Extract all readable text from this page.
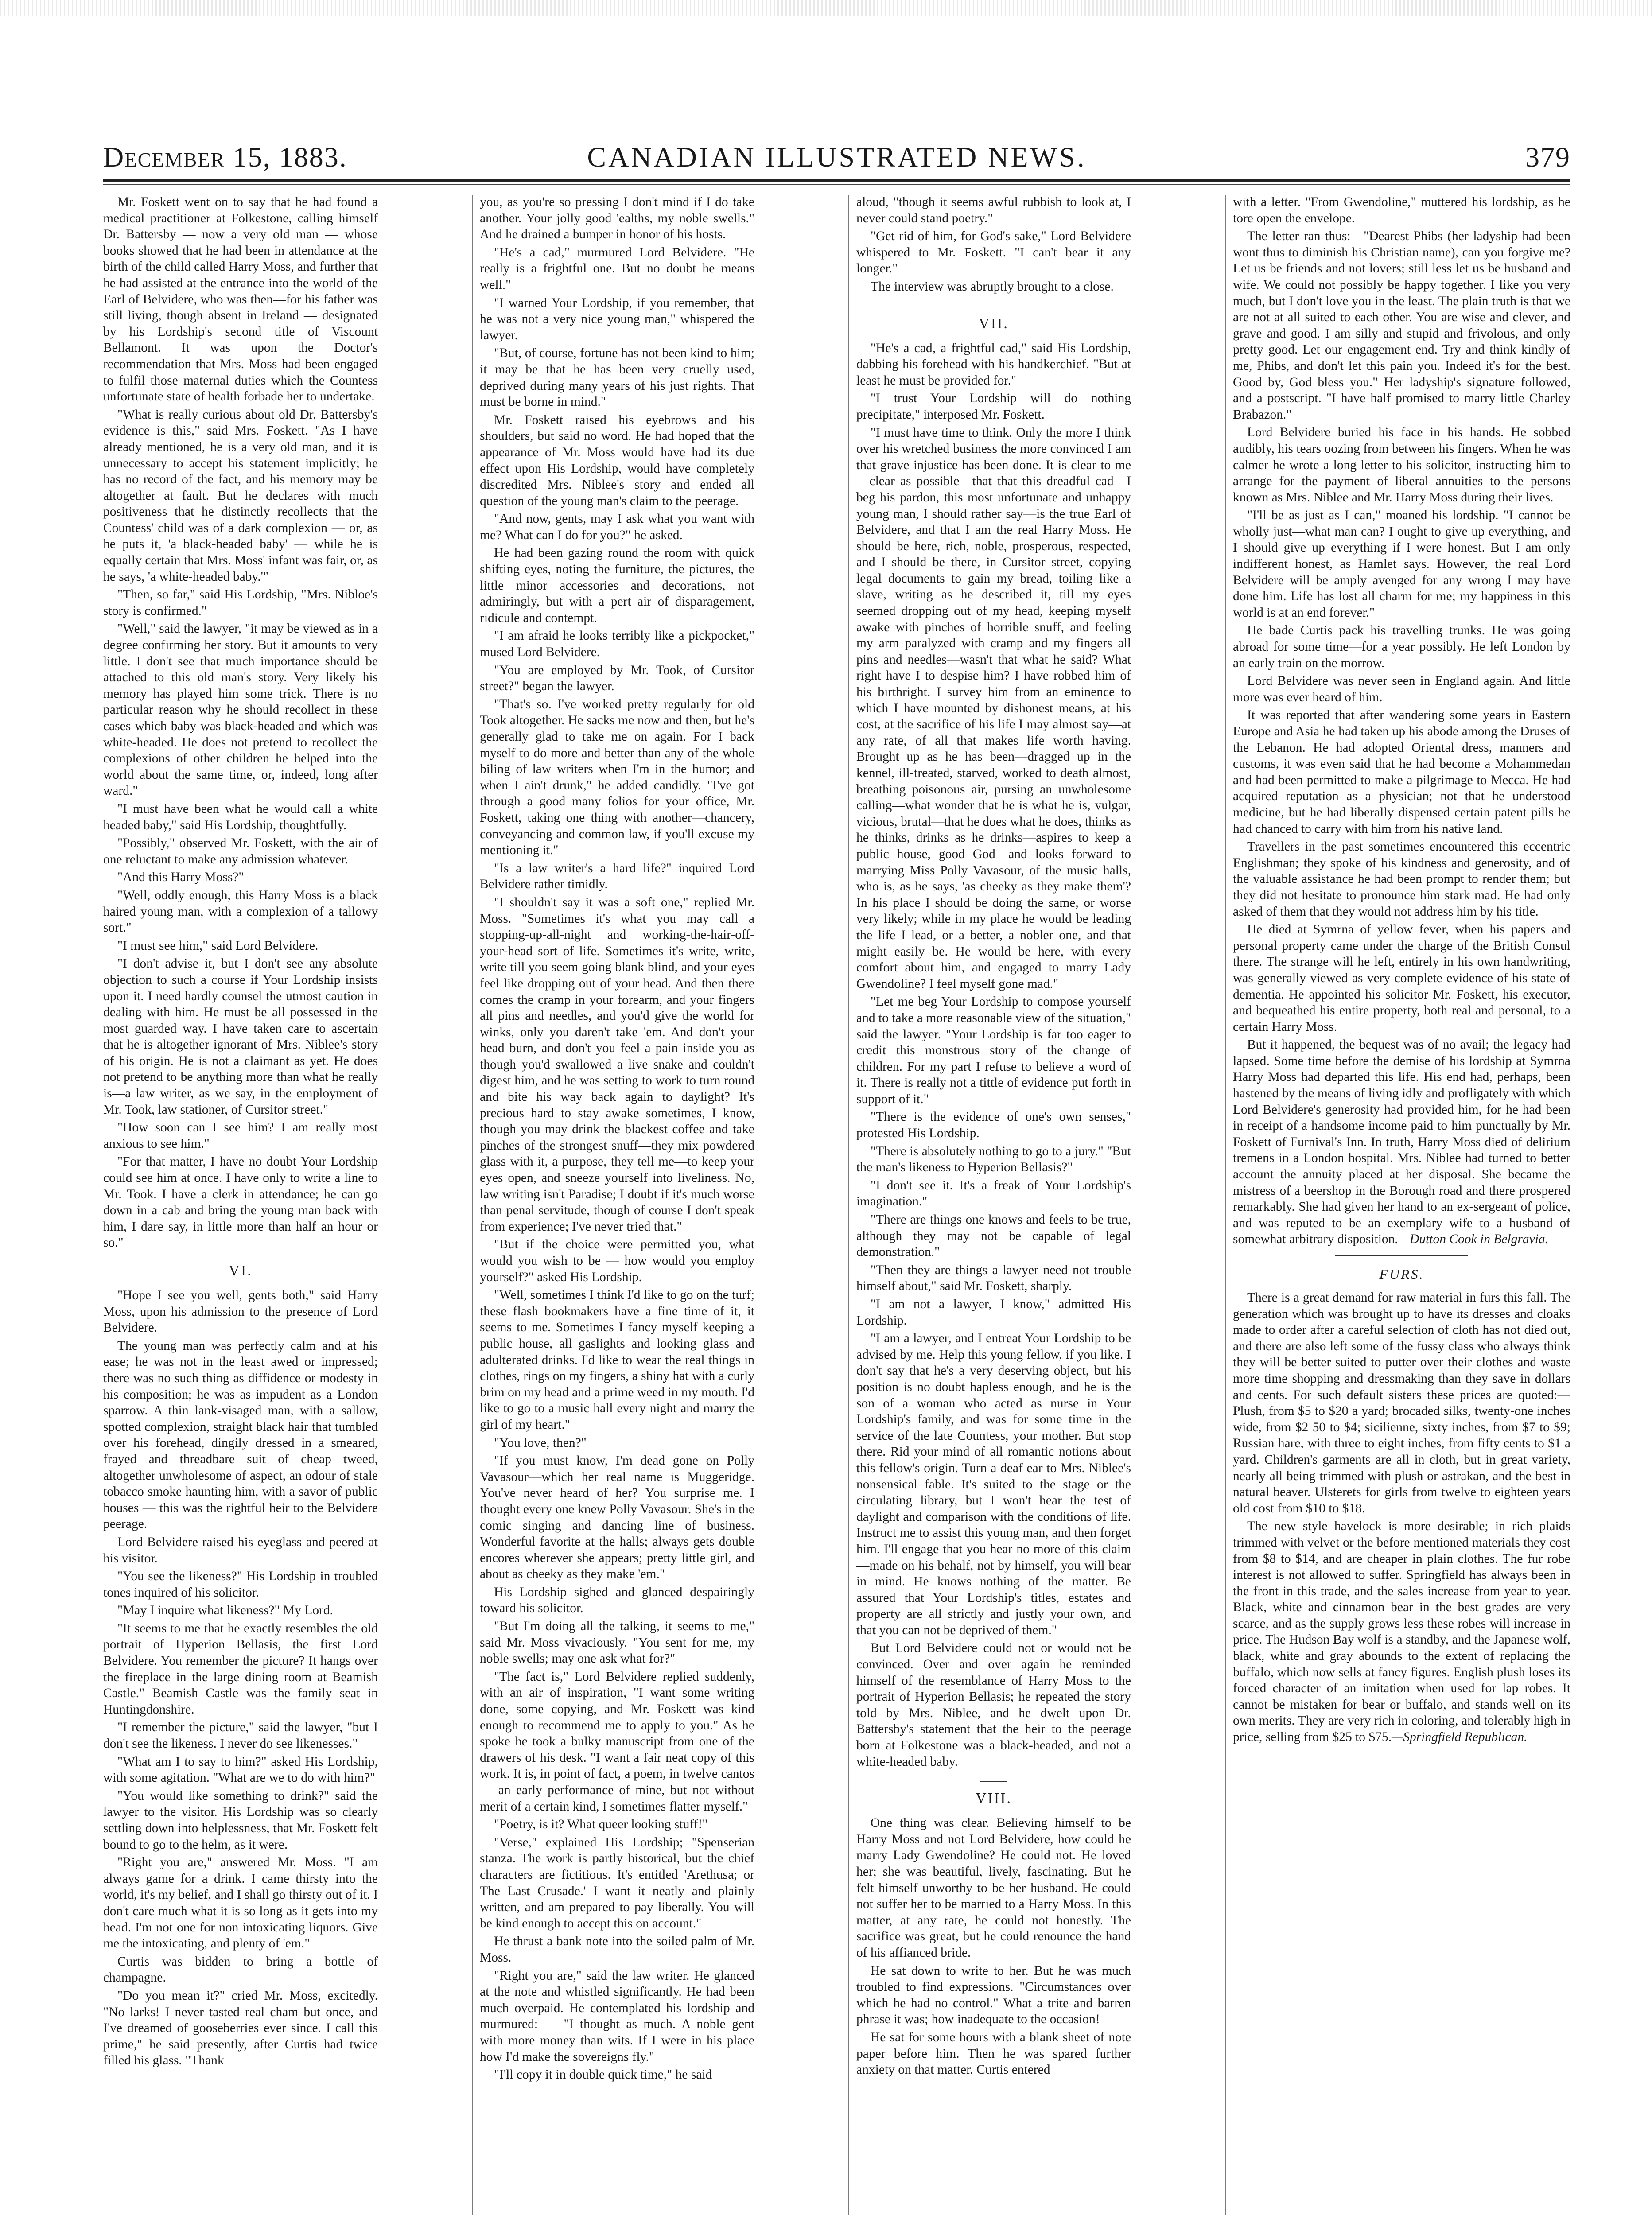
CANADIAN ILLUSTRATED NEWS.
December 15, 1883.	379

Mr. Foskett went on to say that he had found a medical practitioner at Folkestone, calling himself Dr. Battersby — now a very old man — whose books showed that he had been in attendance at the birth of the child called Harry Moss, and further that he had assisted at the entrance into the world of the Earl of Belvidere, who was then—for his father was still living, though absent in Ireland — designated by his Lordship's second title of Viscount Bellamont. It was upon the Doctor's recommendation that Mrs. Moss had been engaged to fulfil those maternal duties which the Countess unfortunate state of health forbade her to undertake.

"What is really curious about old Dr. Battersby's evidence is this," said Mrs. Foskett. "As I have already mentioned, he is a very old man, and it is unnecessary to accept his statement implicitly; he has no record of the fact, and his memory may be altogether at fault. But he declares with much positiveness that he distinctly recollects that the Countess' child was of a dark complexion — or, as he puts it, 'a black-headed baby' — while he is equally certain that Mrs. Moss' infant was fair, or, as he says, 'a white-headed baby.'"

"Then, so far," said His Lordship, "Mrs. Nibloe's story is confirmed."

"Well," said the lawyer, "it may be viewed as in a degree confirming her story. But it amounts to very little. I don't see that much importance should be attached to this old man's story. Very likely his memory has played him some trick. There is no particular reason why he should recollect in these cases which baby was black-headed and which was white-headed. He does not pretend to recollect the complexions of other children he helped into the world about the same time, or, indeed, long after ward."

"I must have been what he would call a white headed baby," said His Lordship, thoughtfully.

"Possibly," observed Mr. Foskett, with the air of one reluctant to make any admission whatever.

"And this Harry Moss?"

"Well, oddly enough, this Harry Moss is a black haired young man, with a complexion of a tallowy sort."

"I must see him," said Lord Belvidere.

"I don't advise it, but I don't see any absolute objection to such a course if Your Lordship insists upon it. I need hardly counsel the utmost caution in dealing with him. He must be all possessed in the most guarded way. I have taken care to ascertain that he is altogether ignorant of Mrs. Niblee's story of his origin. He is not a claimant as yet. He does not pretend to be anything more than what he really is—a law writer, as we say, in the employment of Mr. Took, law stationer, of Cursitor street."

"How soon can I see him? I am really most anxious to see him."

"For that matter, I have no doubt Your Lordship could see him at once. I have only to write a line to Mr. Took. I have a clerk in attendance; he can go down in a cab and bring the young man back with him, I dare say, in little more than half an hour or so."

VI.

"Hope I see you well, gents both," said Harry Moss, upon his admission to the presence of Lord Belvidere.

The young man was perfectly calm and at his ease; he was not in the least awed or impressed; there was no such thing as diffidence or modesty in his composition; he was as impudent as a London sparrow. A thin lank-visaged man, with a sallow, spotted complexion, straight black hair that tumbled over his forehead, dingily dressed in a smeared, frayed and threadbare suit of cheap tweed, altogether unwholesome of aspect, an odour of stale tobacco smoke haunting him, with a savor of public houses — this was the rightful heir to the Belvidere peerage.

Lord Belvidere raised his eyeglass and peered at his visitor.

"You see the likeness?" His Lordship in troubled tones inquired of his solicitor.

"May I inquire what likeness?" My Lord.

"It seems to me that he exactly resembles the old portrait of Hyperion Bellasis, the first Lord Belvidere. You remember the picture? It hangs over the fireplace in the large dining room at Beamish Castle." Beamish Castle was the family seat in Huntingdonshire.

"I remember the picture," said the lawyer, "but I don't see the likeness. I never do see likenesses."

"What am I to say to him?" asked His Lordship, with some agitation. "What are we to do with him?"

"You would like something to drink?" said the lawyer to the visitor. His Lordship was so clearly settling down into helplessness, that Mr. Foskett felt bound to go to the helm, as it were.

"Right you are," answered Mr. Moss. "I am always game for a drink. I came thirsty into the world, it's my belief, and I shall go thirsty out of it. I don't care much what it is so long as it gets into my head. I'm not one for non intoxicating liquors. Give me the intoxicating, and plenty of 'em."

Curtis was bidden to bring a bottle of champagne.

"Do you mean it?" cried Mr. Moss, excitedly. "No larks! I never tasted real cham but once, and I've dreamed of gooseberries ever since. I call this prime," he said presently, after Curtis had twice filled his glass. "Thank

you, as you're so pressing I don't mind if I do take another. Your jolly good 'ealths, my noble swells." And he drained a bumper in honor of his hosts.

"He's a cad," murmured Lord Belvidere. "He really is a frightful one. But no doubt he means well."

"I warned Your Lordship, if you remember, that he was not a very nice young man," whispered the lawyer.

"But, of course, fortune has not been kind to him; it may be that he has been very cruelly used, deprived during many years of his just rights. That must be borne in mind."

Mr. Foskett raised his eyebrows and his shoulders, but said no word. He had hoped that the appearance of Mr. Moss would have had its due effect upon His Lordship, would have completely discredited Mrs. Niblee's story and ended all question of the young man's claim to the peerage.

"And now, gents, may I ask what you want with me? What can I do for you?" he asked.

He had been gazing round the room with quick shifting eyes, noting the furniture, the pictures, the little minor accessories and decorations, not admiringly, but with a pert air of disparagement, ridicule and contempt.

"I am afraid he looks terribly like a pickpocket," mused Lord Belvidere.

"You are employed by Mr. Took, of Cursitor street?" began the lawyer.

"That's so. I've worked pretty regularly for old Took altogether. He sacks me now and then, but he's generally glad to take me on again. For I back myself to do more and better than any of the whole biling of law writers when I'm in the humor; and when I ain't drunk," he added candidly. "I've got through a good many folios for your office, Mr. Foskett, taking one thing with another—chancery, conveyancing and common law, if you'll excuse my mentioning it."

"Is a law writer's a hard life?" inquired Lord Belvidere rather timidly.

"I shouldn't say it was a soft one," replied Mr. Moss. "Sometimes it's what you may call a stopping-up-all-night and working-the-hair-off-your-head sort of life. Sometimes it's write, write, write till you seem going blank blind, and your eyes feel like dropping out of your head. And then there comes the cramp in your forearm, and your fingers all pins and needles, and you'd give the world for winks, only you daren't take 'em. And don't your head burn, and don't you feel a pain inside you as though you'd swallowed a live snake and couldn't digest him, and he was setting to work to turn round and bite his way back again to daylight? It's precious hard to stay awake sometimes, I know, though you may drink the blackest coffee and take pinches of the strongest snuff—they mix powdered glass with it, a purpose, they tell me—to keep your eyes open, and sneeze yourself into liveliness. No, law writing isn't Paradise; I doubt if it's much worse than penal servitude, though of course I don't speak from experience; I've never tried that."

"But if the choice were permitted you, what would you wish to be — how would you employ yourself?" asked His Lordship.

"Well, sometimes I think I'd like to go on the turf; these flash bookmakers have a fine time of it, it seems to me. Sometimes I fancy myself keeping a public house, all gaslights and looking glass and adulterated drinks. I'd like to wear the real things in clothes, rings on my fingers, a shiny hat with a curly brim on my head and a prime weed in my mouth. I'd like to go to a music hall every night and marry the girl of my heart."

"You love, then?"

"If you must know, I'm dead gone on Polly Vavasour—which her real name is Muggeridge. You've never heard of her? You surprise me. I thought every one knew Polly Vavasour. She's in the comic singing and dancing line of business. Wonderful favorite at the halls; always gets double encores wherever she appears; pretty little girl, and about as cheeky as they make 'em."

His Lordship sighed and glanced despairingly toward his solicitor.

"But I'm doing all the talking, it seems to me," said Mr. Moss vivaciously. "You sent for me, my noble swells; may one ask what for?"

"The fact is," Lord Belvidere replied suddenly, with an air of inspiration, "I want some writing done, some copying, and Mr. Foskett was kind enough to recommend me to apply to you." As he spoke he took a bulky manuscript from one of the drawers of his desk. "I want a fair neat copy of this work. It is, in point of fact, a poem, in twelve cantos — an early performance of mine, but not without merit of a certain kind, I sometimes flatter myself."

"Poetry, is it? What queer looking stuff!"

"Verse," explained His Lordship; "Spenserian stanza. The work is partly historical, but the chief characters are fictitious. It's entitled 'Arethusa; or The Last Crusade.' I want it neatly and plainly written, and am prepared to pay liberally. You will be kind enough to accept this on account."

He thrust a bank note into the soiled palm of Mr. Moss.

"Right you are," said the law writer. He glanced at the note and whistled significantly. He had been much overpaid. He contemplated his lordship and murmured: — "I thought as much. A noble gent with more money than wits. If I were in his place how I'd make the sovereigns fly."

"I'll copy it in double quick time," he said

aloud, "though it seems awful rubbish to look at, I never could stand poetry."

"Get rid of him, for God's sake," Lord Belvidere whispered to Mr. Foskett. "I can't bear it any longer."

The interview was abruptly brought to a close.

VII.

"He's a cad, a frightful cad," said His Lordship, dabbing his forehead with his handkerchief. "But at least he must be provided for."

"I trust Your Lordship will do nothing precipitate," interposed Mr. Foskett.

"I must have time to think. Only the more I think over his wretched business the more convinced I am that grave injustice has been done. It is clear to me—clear as possible—that that this dreadful cad—I beg his pardon, this most unfortunate and unhappy young man, I should rather say—is the true Earl of Belvidere, and that I am the real Harry Moss. He should be here, rich, noble, prosperous, respected, and I should be there, in Cursitor street, copying legal documents to gain my bread, toiling like a slave, writing as he described it, till my eyes seemed dropping out of my head, keeping myself awake with pinches of horrible snuff, and feeling my arm paralyzed with cramp and my fingers all pins and needles—wasn't that what he said? What right have I to despise him? I have robbed him of his birthright. I survey him from an eminence to which I have mounted by dishonest means, at his cost, at the sacrifice of his life I may almost say—at any rate, of all that makes life worth having. Brought up as he has been—dragged up in the kennel, ill-treated, starved, worked to death almost, breathing poisonous air, pursing an unwholesome calling—what wonder that he is what he is, vulgar, vicious, brutal—that he does what he does, thinks as he thinks, drinks as he drinks—aspires to keep a public house, good God—and looks forward to marrying Miss Polly Vavasour, of the music halls, who is, as he says, 'as cheeky as they make them'? In his place I should be doing the same, or worse very likely; while in my place he would be leading the life I lead, or a better, a nobler one, and that might easily be. He would be here, with every comfort about him, and engaged to marry Lady Gwendoline? I feel myself gone mad."

"Let me beg Your Lordship to compose yourself and to take a more reasonable view of the situation," said the lawyer. "Your Lordship is far too eager to credit this monstrous story of the change of children. For my part I refuse to believe a word of it. There is really not a tittle of evidence put forth in support of it."

"There is the evidence of one's own senses," protested His Lordship.

"There is absolutely nothing to go to a jury." "But the man's likeness to Hyperion Bellasis?"

"I don't see it. It's a freak of Your Lordship's imagination."

"There are things one knows and feels to be true, although they may not be capable of legal demonstration."

"Then they are things a lawyer need not trouble himself about," said Mr. Foskett, sharply.

"I am not a lawyer, I know," admitted His Lordship.

"I am a lawyer, and I entreat Your Lordship to be advised by me. Help this young fellow, if you like. I don't say that he's a very deserving object, but his position is no doubt hapless enough, and he is the son of a woman who acted as nurse in Your Lordship's family, and was for some time in the service of the late Countess, your mother. But stop there. Rid your mind of all romantic notions about this fellow's origin. Turn a deaf ear to Mrs. Niblee's nonsensical fable. It's suited to the stage or the circulating library, but I won't hear the test of daylight and comparison with the conditions of life. Instruct me to assist this young man, and then forget him. I'll engage that you hear no more of this claim—made on his behalf, not by himself, you will bear in mind. He knows nothing of the matter. Be assured that Your Lordship's titles, estates and property are all strictly and justly your own, and that you can not be deprived of them."

But Lord Belvidere could not or would not be convinced. Over and over again he reminded himself of the resemblance of Harry Moss to the portrait of Hyperion Bellasis; he repeated the story told by Mrs. Niblee, and he dwelt upon Dr. Battersby's statement that the heir to the peerage born at Folkestone was a black-headed, and not a white-headed baby.

VIII.

One thing was clear. Believing himself to be Harry Moss and not Lord Belvidere, how could he marry Lady Gwendoline? He could not. He loved her; she was beautiful, lively, fascinating. But he felt himself unworthy to be her husband. He could not suffer her to be married to a Harry Moss. In this matter, at any rate, he could not honestly. The sacrifice was great, but he could renounce the hand of his affianced bride.

He sat down to write to her. But he was much troubled to find expressions. "Circumstances over which he had no control." What a trite and barren phrase it was; how inadequate to the occasion!

He sat for some hours with a blank sheet of note paper before him. Then he was spared further anxiety on that matter. Curtis entered

with a letter. "From Gwendoline," muttered his lordship, as he tore open the envelope.

The letter ran thus:—"Dearest Phibs (her ladyship had been wont thus to diminish his Christian name), can you forgive me? Let us be friends and not lovers; still less let us be husband and wife. We could not possibly be happy together. I like you very much, but I don't love you in the least. The plain truth is that we are not at all suited to each other. You are wise and clever, and grave and good. I am silly and stupid and frivolous, and only pretty good. Let our engagement end. Try and think kindly of me, Phibs, and don't let this pain you. Indeed it's for the best. Good by, God bless you." Her ladyship's signature followed, and a postscript. "I have half promised to marry little Charley Brabazon."

Lord Belvidere buried his face in his hands. He sobbed audibly, his tears oozing from between his fingers. When he was calmer he wrote a long letter to his solicitor, instructing him to arrange for the payment of liberal annuities to the persons known as Mrs. Niblee and Mr. Harry Moss during their lives.

"I'll be as just as I can," moaned his lordship. "I cannot be wholly just—what man can? I ought to give up everything, and I should give up everything if I were honest. But I am only indifferent honest, as Hamlet says. However, the real Lord Belvidere will be amply avenged for any wrong I may have done him. Life has lost all charm for me; my happiness in this world is at an end forever."

He bade Curtis pack his travelling trunks. He was going abroad for some time—for a year possibly. He left London by an early train on the morrow.

Lord Belvidere was never seen in England again. And little more was ever heard of him.

It was reported that after wandering some years in Eastern Europe and Asia he had taken up his abode among the Druses of the Lebanon. He had adopted Oriental dress, manners and customs, it was even said that he had become a Mohammedan and had been permitted to make a pilgrimage to Mecca. He had acquired reputation as a physician; not that he understood medicine, but he had liberally dispensed certain patent pills he had chanced to carry with him from his native land.

Travellers in the past sometimes encountered this eccentric Englishman; they spoke of his kindness and generosity, and of the valuable assistance he had been prompt to render them; but they did not hesitate to pronounce him stark mad. He had only asked of them that they would not address him by his title.

He died at Symrna of yellow fever, when his papers and personal property came under the charge of the British Consul there. The strange will he left, entirely in his own handwriting, was generally viewed as very complete evidence of his state of dementia. He appointed his solicitor Mr. Foskett, his executor, and bequeathed his entire property, both real and personal, to a certain Harry Moss.

But it happened, the bequest was of no avail; the legacy had lapsed. Some time before the demise of his lordship at Symrna Harry Moss had departed this life. His end had, perhaps, been hastened by the means of living idly and profligately with which Lord Belvidere's generosity had provided him, for he had been in receipt of a handsome income paid to him punctually by Mr. Foskett of Furnival's Inn. In truth, Harry Moss died of delirium tremens in a London hospital. Mrs. Niblee had turned to better account the annuity placed at her disposal. She became the mistress of a beershop in the Borough road and there prospered remarkably. She had given her hand to an ex-sergeant of police, and was reputed to be an exemplary wife to a husband of somewhat arbitrary disposition.—Dutton Cook in Belgravia.

FURS.

There is a great demand for raw material in furs this fall. The generation which was brought up to have its dresses and cloaks made to order after a careful selection of cloth has not died out, and there are also left some of the fussy class who always think they will be better suited to putter over their clothes and waste more time shopping and dressmaking than they save in dollars and cents. For such default sisters these prices are quoted:—Plush, from $5 to $20 a yard; brocaded silks, twenty-one inches wide, from $2 50 to $4; sicilienne, sixty inches, from $7 to $9; Russian hare, with three to eight inches, from fifty cents to $1 a yard. Children's garments are all in cloth, but in great variety, nearly all being trimmed with plush or astrakan, and the best in natural beaver. Ulsterets for girls from twelve to eighteen years old cost from $10 to $18.

The new style havelock is more desirable; in rich plaids trimmed with velvet or the before mentioned materials they cost from $8 to $14, and are cheaper in plain clothes. The fur robe interest is not allowed to suffer. Springfield has always been in the front in this trade, and the sales increase from year to year. Black, white and cinnamon bear in the best grades are very scarce, and as the supply grows less these robes will increase in price. The Hudson Bay wolf is a standby, and the Japanese wolf, black, white and gray abounds to the extent of replacing the buffalo, which now sells at fancy figures. English plush loses its forced character of an imitation when used for lap robes. It cannot be mistaken for bear or buffalo, and stands well on its own merits. They are very rich in coloring, and tolerably high in price, selling from $25 to $75.—Springfield Republican.
